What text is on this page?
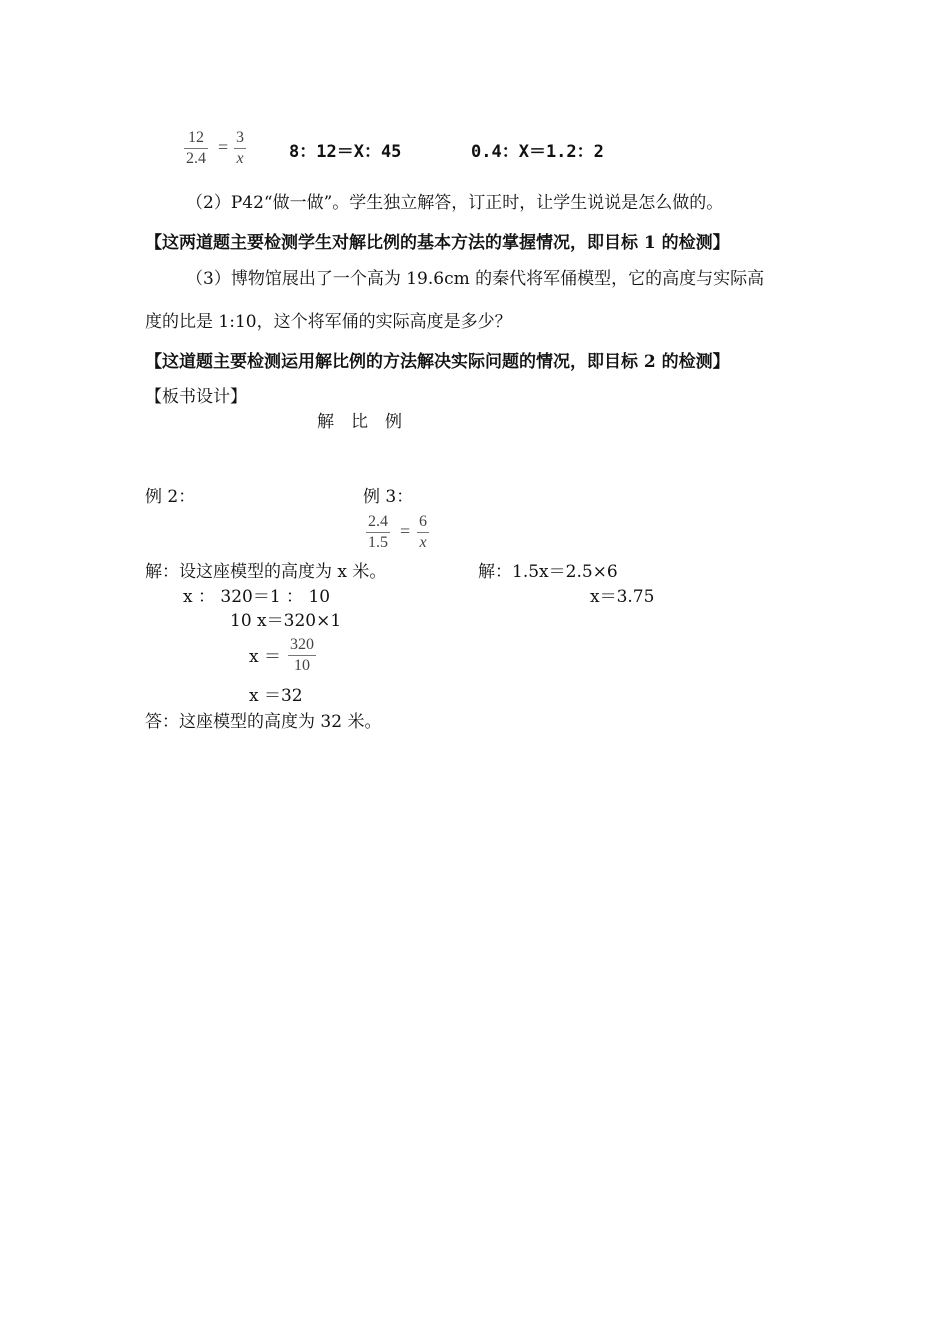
12
2.4
= 3
x	8：12＝X：45	0.4：X＝1.2：2
（2）P42“做一做”。学生独立解答，订正时，让学生说说是怎么做的。
【这两道题主要检测学生对解比例的基本方法的掌握情况，即目标 1 的检测】
（3）博物馆展出了一个高为 19.6cm 的秦代将军俑模型，它的高度与实际高
度的比是 1:10，这个将军俑的实际高度是多少？
【这道题主要检测运用解比例的方法解决实际问题的情况，即目标 2 的检测】
【板书设计】
解　比　例
例 2：
解：设这座模型的高度为 x 米。
x ： 320＝1 ： 10
10 x＝320×1
x ＝
320
10
x ＝32
答：这座模型的高度为 32 米。
例 3：
2.4
1.5
= 6
x
解：1.5x＝2.5×6
x＝3.75
